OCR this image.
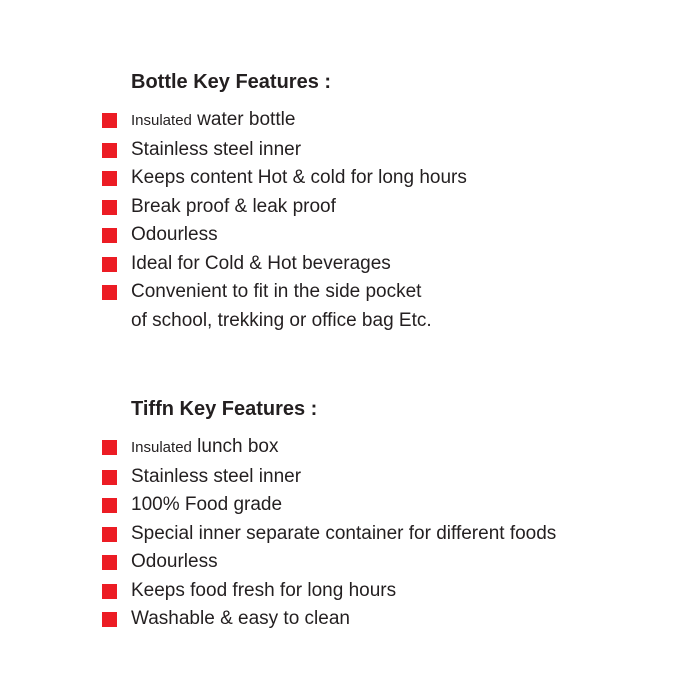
Bottle Key Features :
Insulated water bottle
Stainless steel inner
Keeps content Hot & cold for long hours
Break proof & leak proof
Odourless
Ideal for Cold & Hot beverages
Convenient to fit in the side pocket
of school, trekking or office bag Etc.
Tiffn Key Features :
Insulated lunch box
Stainless steel inner
100% Food grade
Special inner separate container for different foods
Odourless
Keeps food fresh for long hours
Washable & easy to clean
